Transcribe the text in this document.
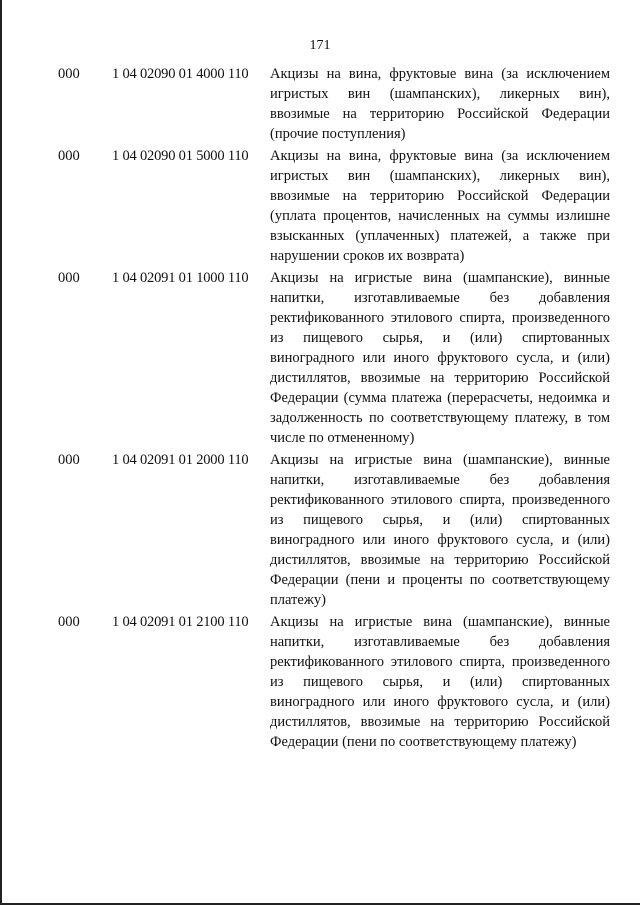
171
000	1 04 02090 01 4000 110	Акцизы на вина, фруктовые вина (за исключением игристых вин (шампанских), ликерных вин), ввозимые на территорию Российской Федерации (прочие поступления)
000	1 04 02090 01 5000 110	Акцизы на вина, фруктовые вина (за исключением игристых вин (шампанских), ликерных вин), ввозимые на территорию Российской Федерации (уплата процентов, начисленных на суммы излишне взысканных (уплаченных) платежей, а также при нарушении сроков их возврата)
000	1 04 02091 01 1000 110	Акцизы на игристые вина (шампанские), винные напитки, изготавливаемые без добавления ректификованного этилового спирта, произведенного из пищевого сырья, и (или) спиртованных виноградного или иного фруктового сусла, и (или) дистиллятов, ввозимые на территорию Российской Федерации (сумма платежа (перерасчеты, недоимка и задолженность по соответствующему платежу, в том числе по отмененному)
000	1 04 02091 01 2000 110	Акцизы на игристые вина (шампанские), винные напитки, изготавливаемые без добавления ректификованного этилового спирта, произведенного из пищевого сырья, и (или) спиртованных виноградного или иного фруктового сусла, и (или) дистиллятов, ввозимые на территорию Российской Федерации (пени и проценты по соответствующему платежу)
000	1 04 02091 01 2100 110	Акцизы на игристые вина (шампанские), винные напитки, изготавливаемые без добавления ректификованного этилового спирта, произведенного из пищевого сырья, и (или) спиртованных виноградного или иного фруктового сусла, и (или) дистиллятов, ввозимые на территорию Российской Федерации (пени по соответствующему платежу)
